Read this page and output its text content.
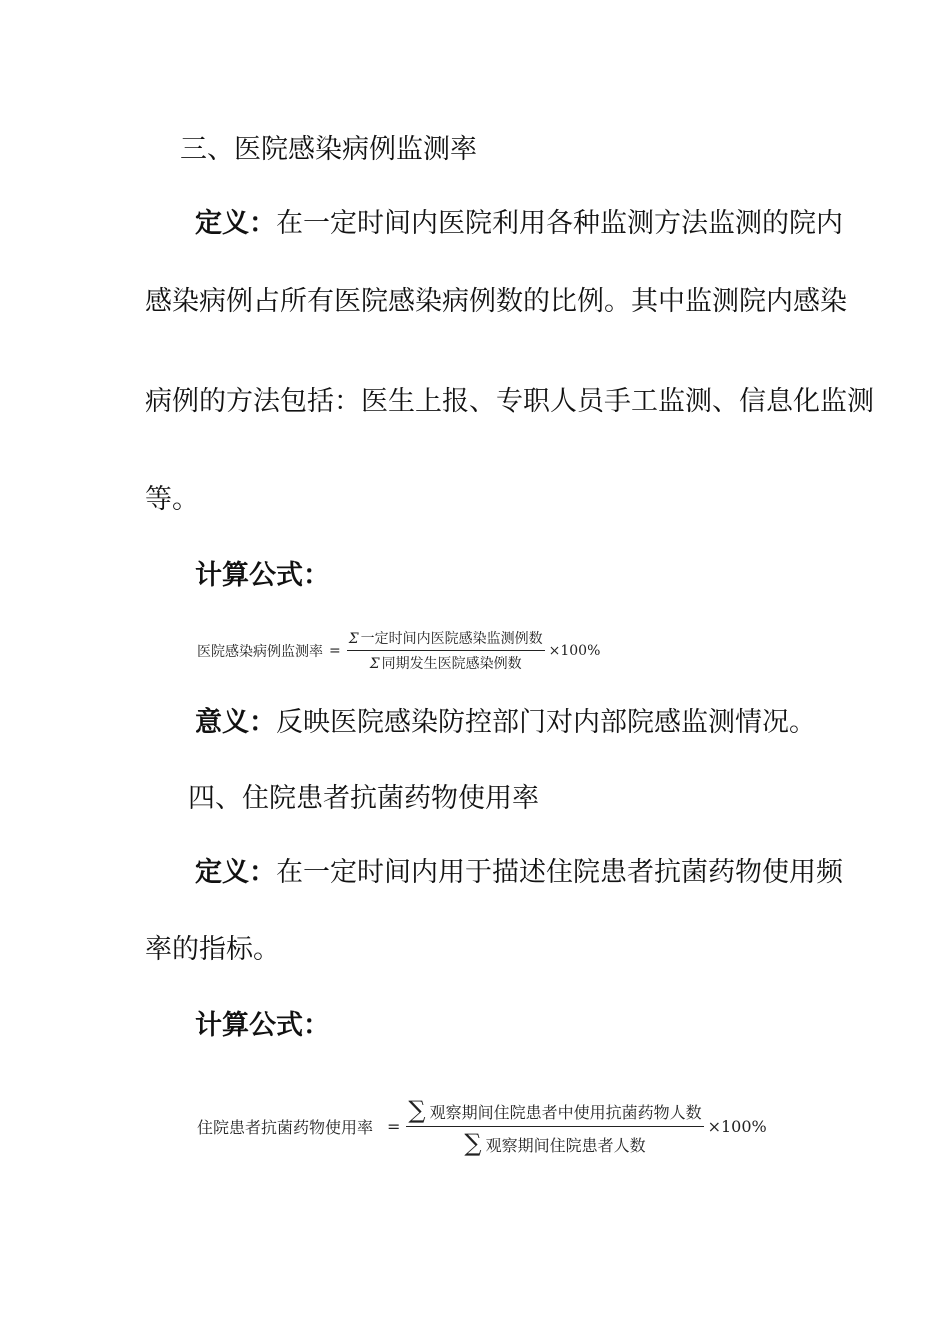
三、医院感染病例监测率
定义：在一定时间内医院利用各种监测方法监测的院内
感染病例占所有医院感染病例数的比例。其中监测院内感染
病例的方法包括：医生上报、专职人员手工监测、信息化监测
等。
计算公式：
医院感染病例监测率 = $\frac{\text{Σ 一定时间内医院感染监测例数}}{\text{Σ 同期发生医院感染例数}} \times 100\%$
意义：反映医院感染防控部门对内部院感监测情况。
四、住院患者抗菌药物使用率
定义：在一定时间内用于描述住院患者抗菌药物使用频
率的指标。
计算公式：
住院患者抗菌药物使用率 = $\frac{\text{∑ 观察期间住院患者中使用抗菌药物人数}}{\text{∑ 观察期间住院患者人数}} \times 100\%$
